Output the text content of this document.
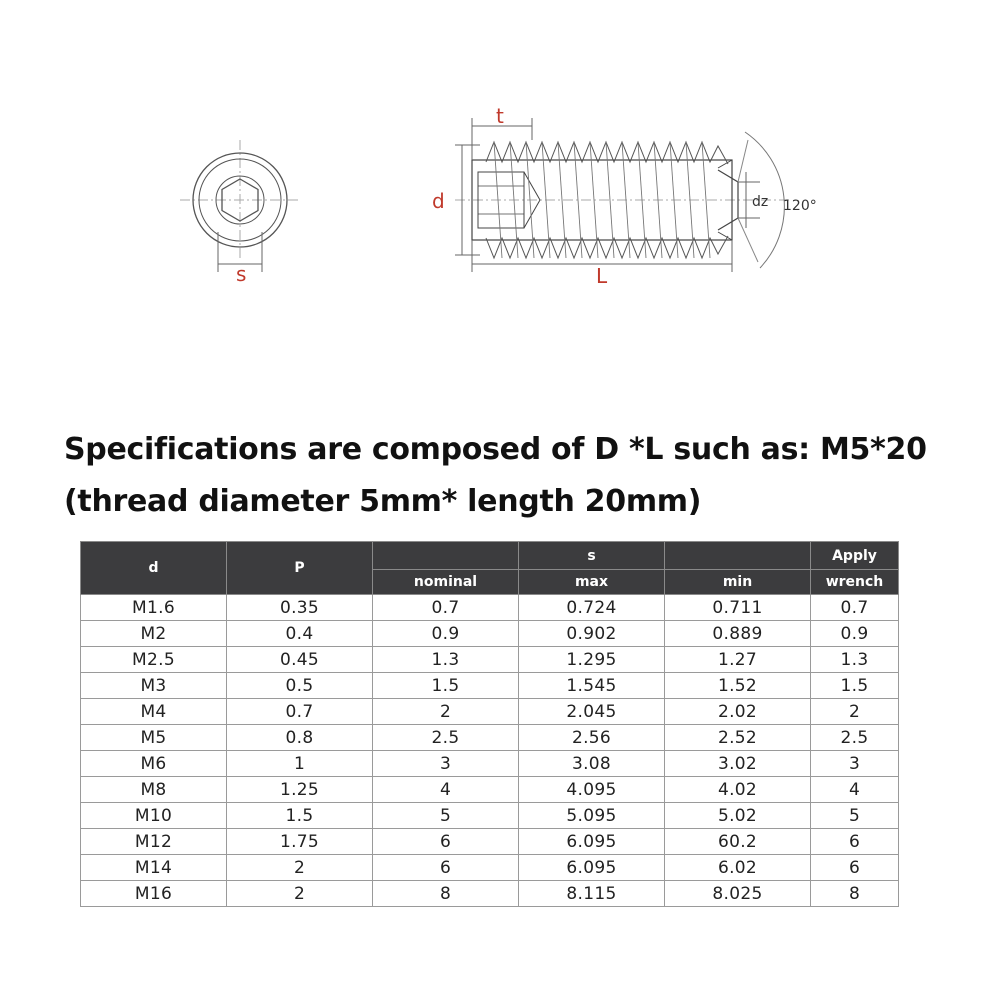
s
t
d
L
dz 120°
Specifications are composed of D *L such as: M5*20
(thread diameter 5mm* length 20mm)
d	P		s		Apply
		nominal	max	min	wrench
M1.6	0.35	0.7	0.724	0.711	0.7
M2	0.4	0.9	0.902	0.889	0.9
M2.5	0.45	1.3	1.295	1.27	1.3
M3	0.5	1.5	1.545	1.52	1.5
M4	0.7	2	2.045	2.02	2
M5	0.8	2.5	2.56	2.52	2.5
M6	1	3	3.08	3.02	3
M8	1.25	4	4.095	4.02	4
M10	1.5	5	5.095	5.02	5
M12	1.75	6	6.095	60.2	6
M14	2	6	6.095	6.02	6
M16	2	8	8.115	8.025	8
